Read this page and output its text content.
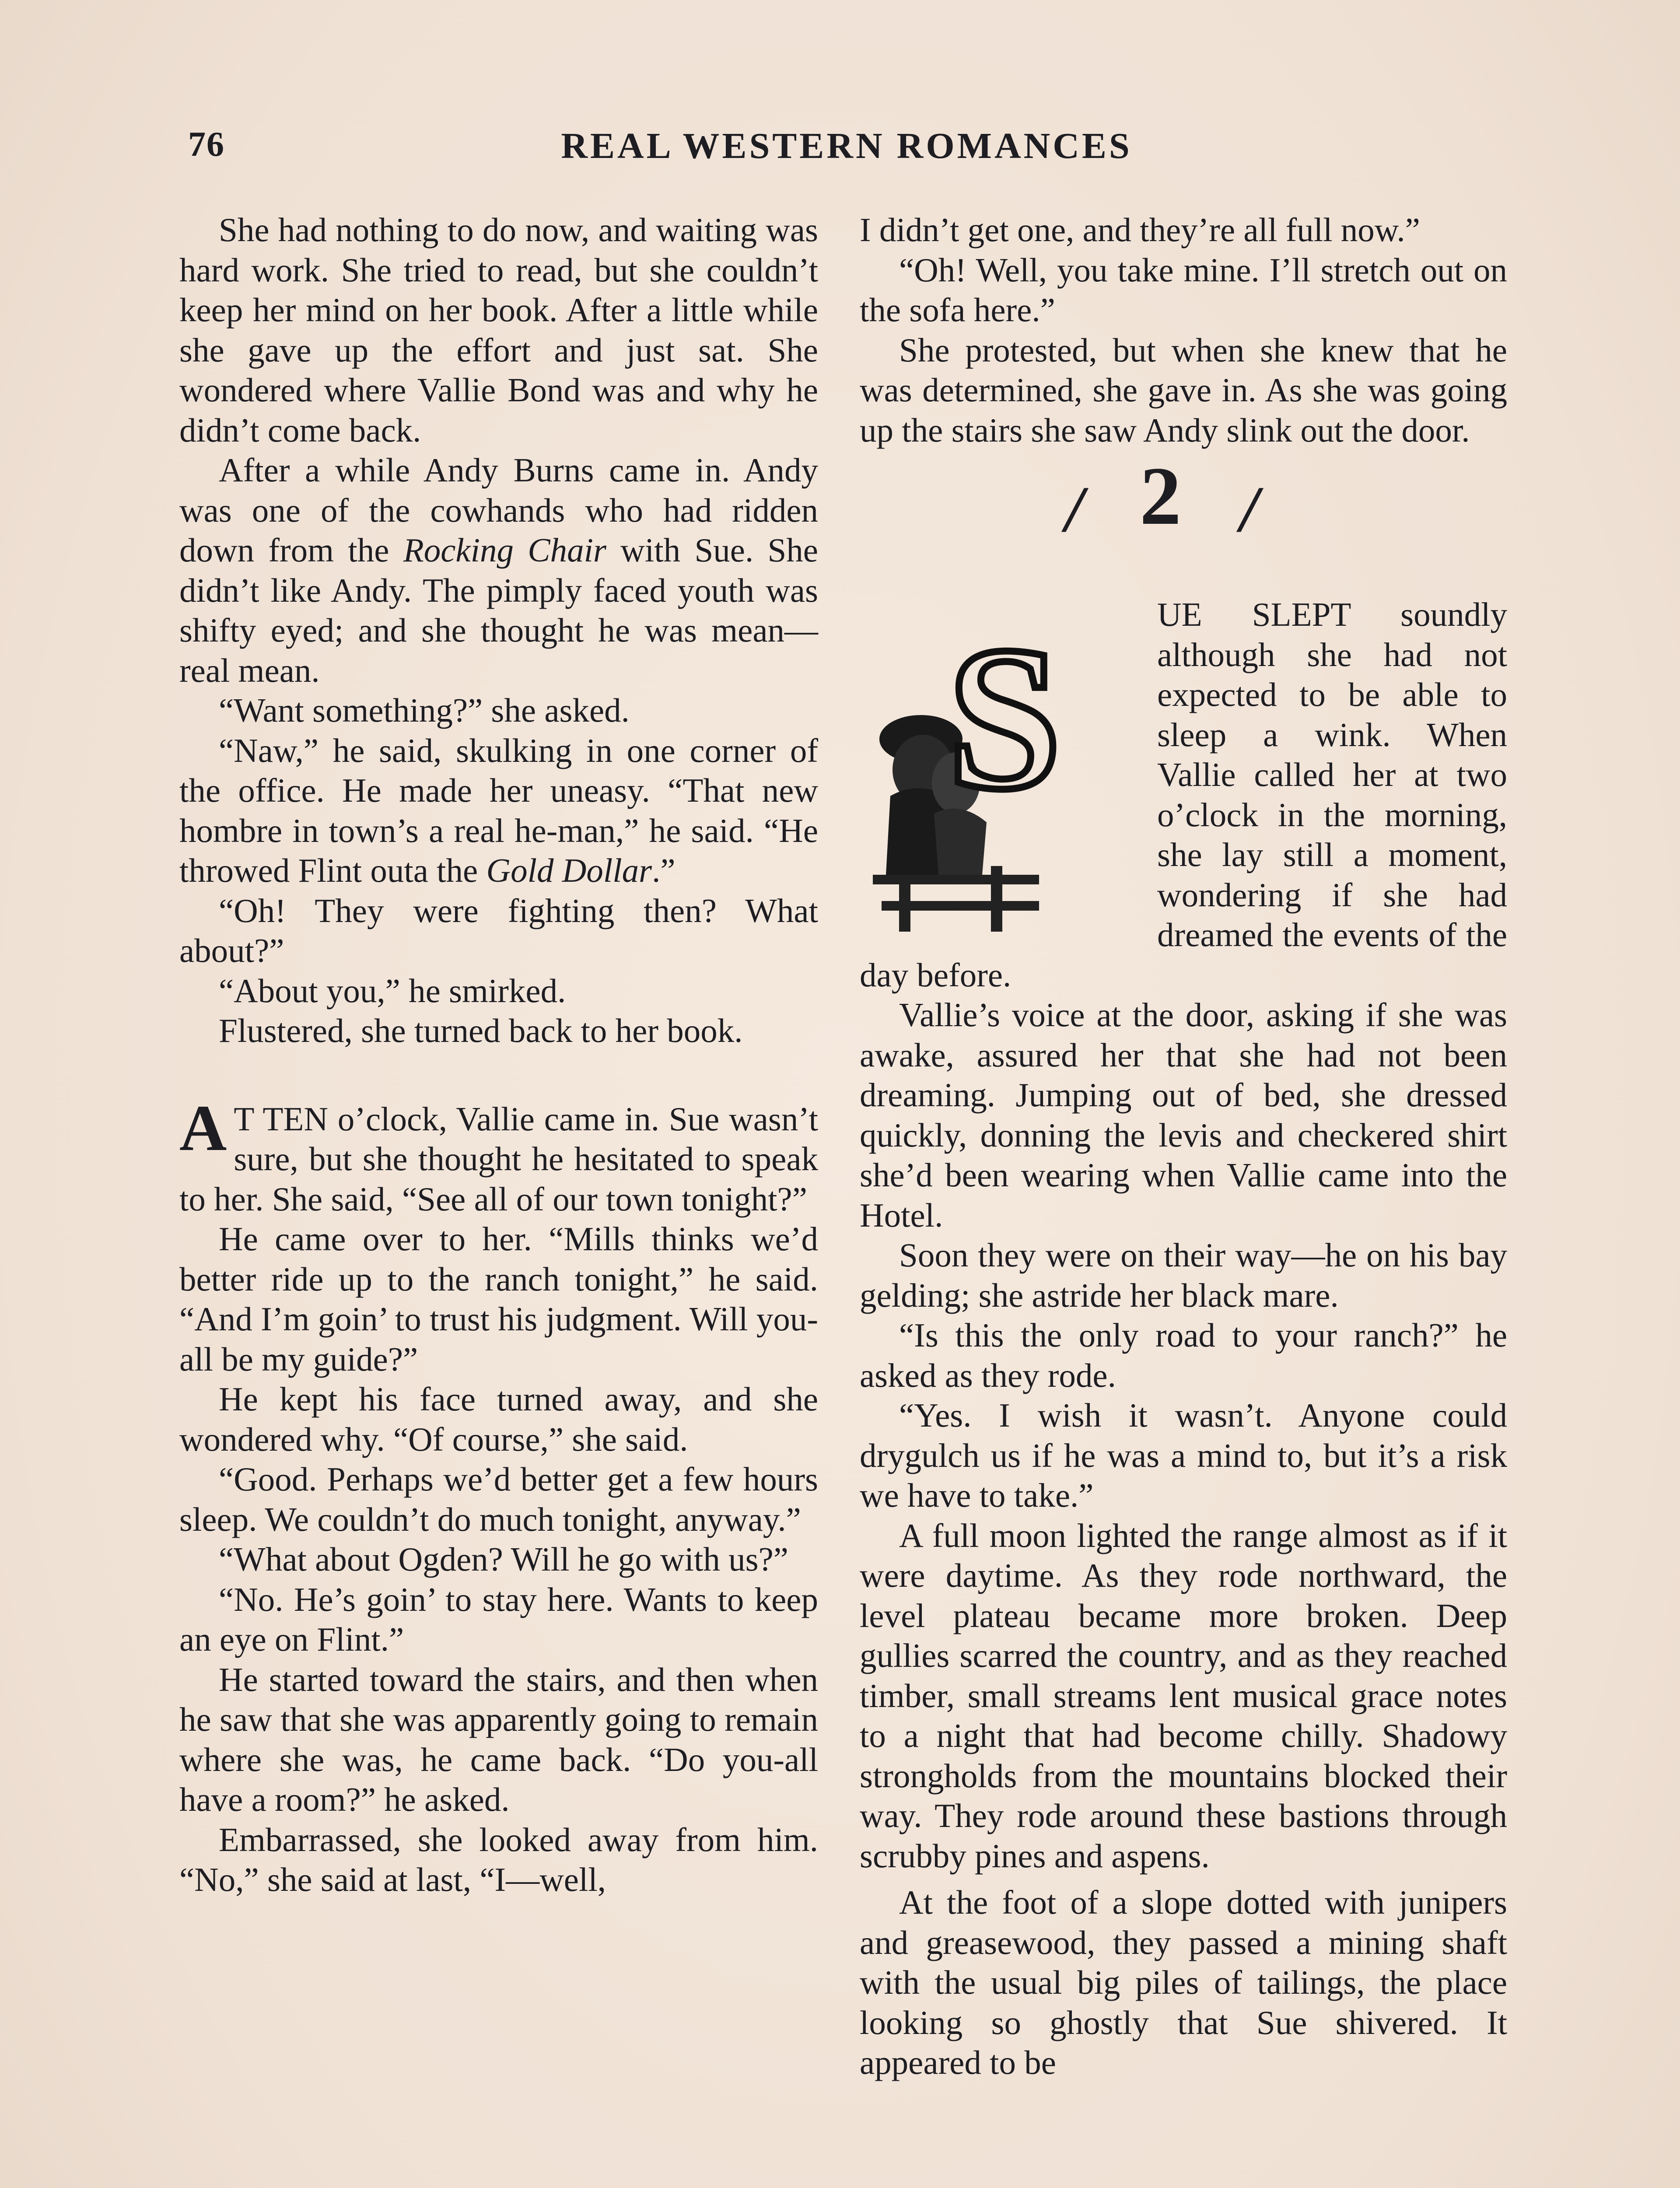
76	REAL WESTERN ROMANCES

She had nothing to do now, and waiting was hard work. She tried to read, but she couldn’t keep her mind on her book. After a little while she gave up the effort and just sat. She wondered where Vallie Bond was and why he didn’t come back.

After a while Andy Burns came in. Andy was one of the cowhands who had ridden down from the Rocking Chair with Sue. She didn’t like Andy. The pimply faced youth was shifty eyed; and she thought he was mean—real mean.

“Want something?” she asked.

“Naw,” he said, skulking in one corner of the office. He made her uneasy. “That new hombre in town’s a real he-man,” he said. “He throwed Flint outa the Gold Dollar.”

“Oh! They were fighting then? What about?”

“About you,” he smirked.

Flustered, she turned back to her book.

A T TEN o’clock, Vallie came in. Sue wasn’t sure, but she thought he hesitated to speak to her. She said, “See all of our town tonight?”

He came over to her. “Mills thinks we’d better ride up to the ranch tonight,” he said. “And I’m goin’ to trust his judgment. Will you-all be my guide?”

He kept his face turned away, and she wondered why. “Of course,” she said.

“Good. Perhaps we’d better get a few hours sleep. We couldn’t do much tonight, anyway.”

“What about Ogden? Will he go with us?”

“No. He’s goin’ to stay here. Wants to keep an eye on Flint.”

He started toward the stairs, and then when he saw that she was apparently going to remain where she was, he came back. “Do you-all have a room?” he asked.

Embarrassed, she looked away from him. “No,” she said at last, “I—well,

I didn’t get one, and they’re all full now.”

“Oh! Well, you take mine. I’ll stretch out on the sofa here.”

She protested, but when she knew that he was determined, she gave in. As she was going up the stairs she saw Andy slink out the door.

/ 2 /
S	UE SLEPT soundly although she had not expected to be able to sleep a wink. When Vallie called her at two o’clock in the morning, she lay still a moment, wondering if she had dreamed the events of the day before.

Vallie’s voice at the door, asking if she was awake, assured her that she had not been dreaming. Jumping out of bed, she dressed quickly, donning the levis and checkered shirt she’d been wearing when Vallie came into the Hotel.

Soon they were on their way—he on his bay gelding; she astride her black mare.

“Is this the only road to your ranch?” he asked as they rode.

“Yes. I wish it wasn’t. Anyone could drygulch us if he was a mind to, but it’s a risk we have to take.”

A full moon lighted the range almost as if it were daytime. As they rode northward, the level plateau became more broken. Deep gullies scarred the country, and as they reached timber, small streams lent musical grace notes to a night that had become chilly. Shadowy strongholds from the mountains blocked their way. They rode around these bastions through scrubby pines and aspens.

At the foot of a slope dotted with junipers and greasewood, they passed a mining shaft with the usual big piles of tailings, the place looking so ghostly that Sue shivered. It appeared to be
